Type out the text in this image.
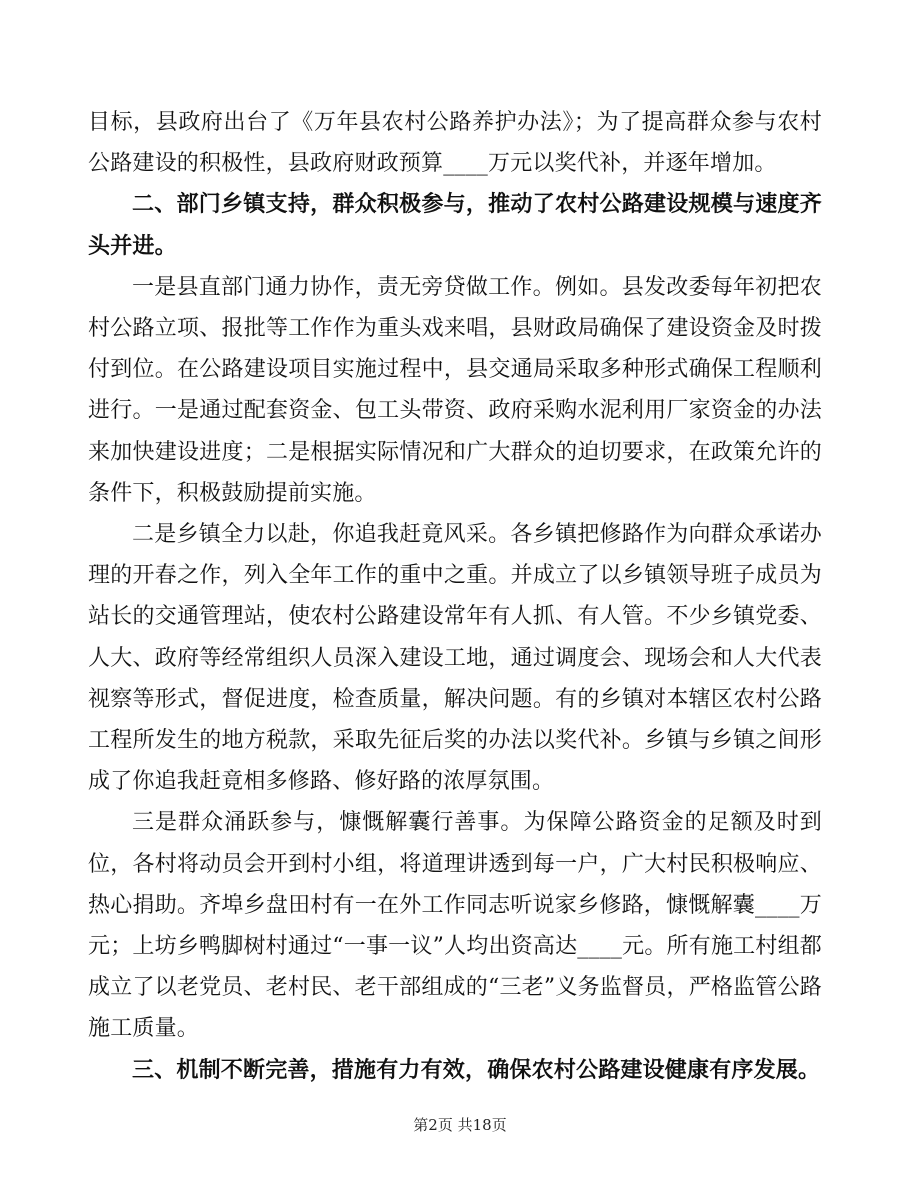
目标，县政府出台了《万年县农村公路养护办法》；为了提高群众参与农村公路建设的积极性，县政府财政预算____万元以奖代补，并逐年增加。

二、部门乡镇支持，群众积极参与，推动了农村公路建设规模与速度齐头并进。

一是县直部门通力协作，责无旁贷做工作。例如。县发改委每年初把农村公路立项、报批等工作作为重头戏来唱，县财政局确保了建设资金及时拨付到位。在公路建设项目实施过程中，县交通局采取多种形式确保工程顺利进行。一是通过配套资金、包工头带资、政府采购水泥利用厂家资金的办法来加快建设进度；二是根据实际情况和广大群众的迫切要求，在政策允许的条件下，积极鼓励提前实施。

二是乡镇全力以赴，你追我赶竟风采。各乡镇把修路作为向群众承诺办理的开春之作，列入全年工作的重中之重。并成立了以乡镇领导班子成员为站长的交通管理站，使农村公路建设常年有人抓、有人管。不少乡镇党委、人大、政府等经常组织人员深入建设工地，通过调度会、现场会和人大代表视察等形式，督促进度，检查质量，解决问题。有的乡镇对本辖区农村公路工程所发生的地方税款，采取先征后奖的办法以奖代补。乡镇与乡镇之间形成了你追我赶竟相多修路、修好路的浓厚氛围。

三是群众涌跃参与，慷慨解囊行善事。为保障公路资金的足额及时到位，各村将动员会开到村小组，将道理讲透到每一户，广大村民积极响应、热心捐助。齐埠乡盘田村有一在外工作同志听说家乡修路，慷慨解囊____万元；上坊乡鸭脚树村通过“一事一议”人均出资高达____元。所有施工村组都成立了以老党员、老村民、老干部组成的“三老”义务监督员，严格监管公路施工质量。

三、机制不断完善，措施有力有效，确保农村公路建设健康有序发展。

第2页 共18页
